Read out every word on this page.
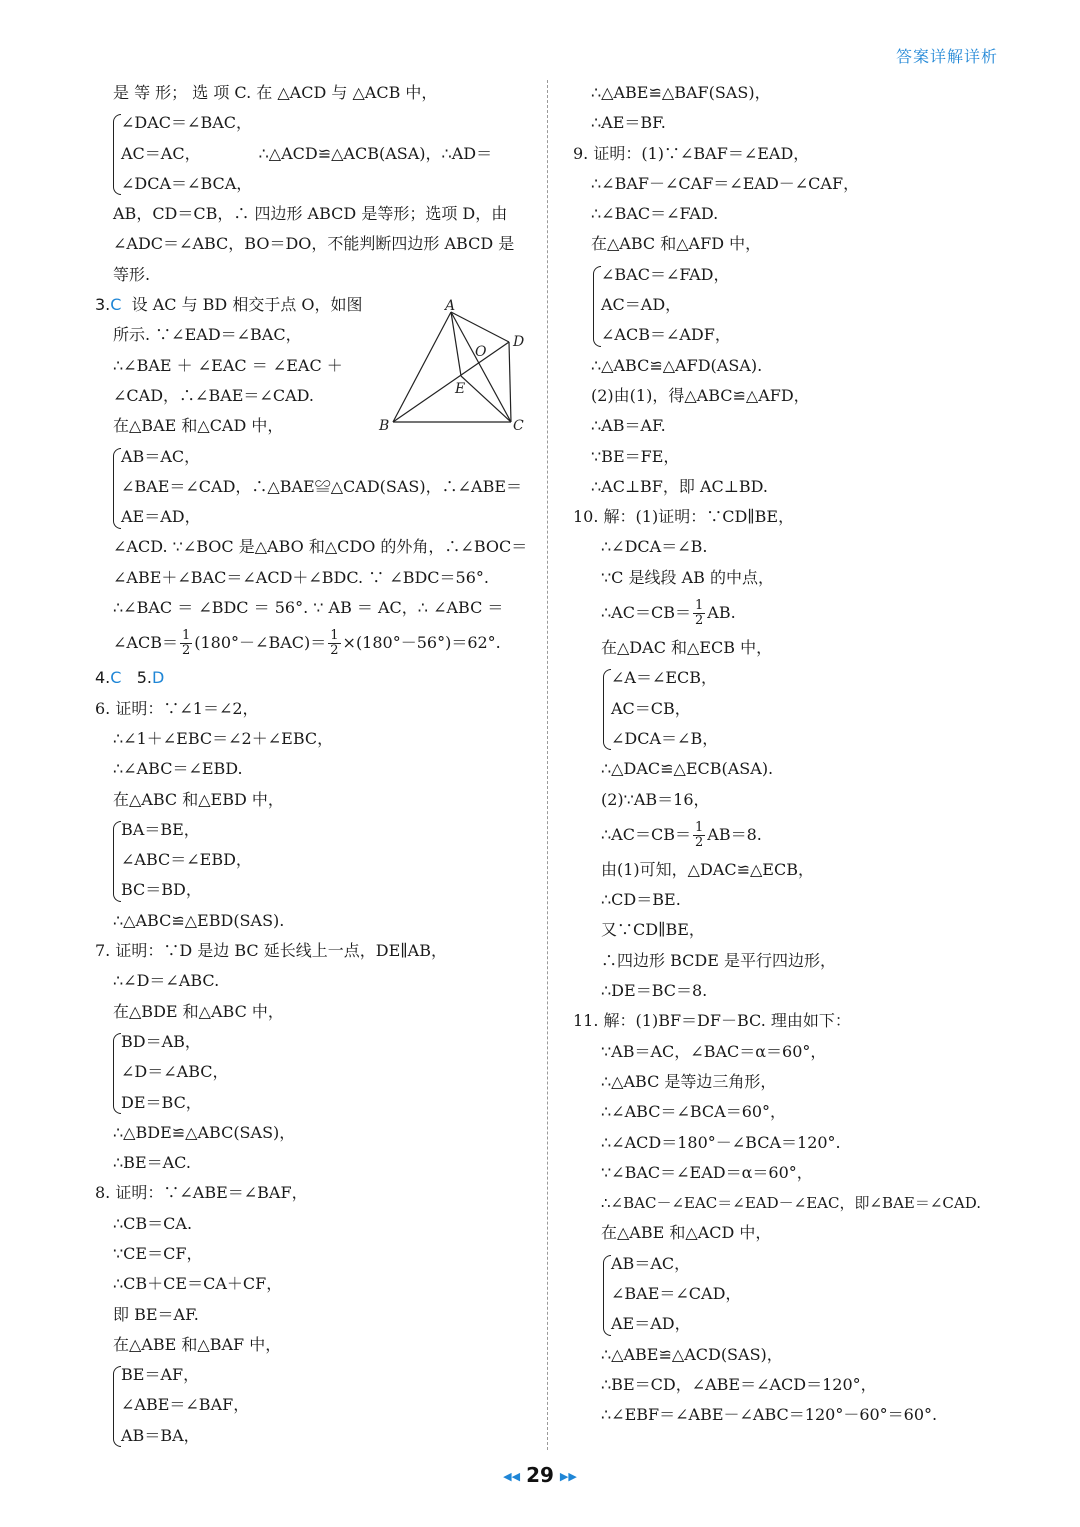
答案详解详析
是 等 形； 选 项 C. 在 △ACD 与 △ACB 中，
∠DAC＝∠BAC，
AC＝AC，	∴△ACD≌△ACB(ASA)，∴AD＝
∠DCA＝∠BCA，
AB，CD＝CB，∴ 四边形 ABCD 是等形；选项 D，由
∠ADC＝∠ABC，BO＝DO，不能判断四边形 ABCD 是
等形.
3.C 设 AC 与 BD 相交于点 O，如图
所示. ∵∠EAD＝∠BAC，
∴∠BAE ＋ ∠EAC ＝ ∠EAC ＋
∠CAD，∴∠BAE＝∠CAD.
在△BAE 和△CAD 中，
AB＝AC，
∠BAE＝∠CAD，∴△BAE≌△CAD(SAS)，∴∠ABE＝
AE＝AD，
∠ACD. ∵∠BOC 是△ABO 和△CDO 的外角，∴∠BOC＝
∠ABE＋∠BAC＝∠ACD＋∠BDC. ∵ ∠BDC＝56°.
∴∠BAC ＝ ∠BDC ＝ 56°. ∵ AB ＝ AC，∴ ∠ABC ＝
∠ACB＝ $\frac{1}{2}$ (180°－∠BAC)＝ $\frac{1}{2} \times(180^\circ-56^\circ)=62^\circ$.
4.C 5.D
6. 证明：∵∠1＝∠2，
∴∠1＋∠EBC＝∠2＋∠EBC，
∴∠ABC＝∠EBD.
在△ABC 和△EBD 中，
BA＝BE，
∠ABC＝∠EBD，
BC＝BD，
∴△ABC≌△EBD(SAS).
7. 证明：∵D 是边 BC 延长线上一点，DE∥AB，
∴∠D＝∠ABC.
在△BDE 和△ABC 中，
BD＝AB，
∠D＝∠ABC，
DE＝BC，
∴△BDE≌△ABC(SAS)，
∴BE＝AC.
8. 证明：∵∠ABE＝∠BAF，
∴CB＝CA.
∵CE＝CF，
∴CB＋CE＝CA＋CF，
即 BE＝AF.
在△ABE 和△BAF 中，
BE＝AF，
∠ABE＝∠BAF，
AB＝BA，
A
D
O
E
B	C
∴△ABE≌△BAF(SAS)，
∴AE＝BF.
9. 证明：(1)∵∠BAF＝∠EAD，
∴∠BAF－∠CAF＝∠EAD－∠CAF，
∴∠BAC＝∠FAD.
在△ABC 和△AFD 中，
∠BAC＝∠FAD，
AC＝AD，
∠ACB＝∠ADF，
∴△ABC≌△AFD(ASA).
(2)由(1)，得△ABC≌△AFD，
∴AB＝AF.
∵BE＝FE，
∴AC⊥BF，即 AC⊥BD.
10. 解：(1)证明：∵CD∥BE，
∴∠DCA＝∠B.
∵C 是线段 AB 的中点，
∴AC＝CB＝ $\frac{1}{2}$ AB.
在△DAC 和△ECB 中，
∠A＝∠ECB，
AC＝CB，
∠DCA＝∠B，
∴△DAC≌△ECB(ASA).
(2)∵AB＝16，
∴AC＝CB＝ $\frac{1}{2} AB=8$.
由(1)可知，△DAC≌△ECB，
∴CD＝BE.
又∵CD∥BE，
∴四边形 BCDE 是平行四边形，
∴DE＝BC＝8.
11. 解：(1)BF＝DF－BC. 理由如下：
∵AB＝AC，∠BAC＝α＝60°，
∴△ABC 是等边三角形，
∴∠ABC＝∠BCA＝60°，
∴∠ACD＝180°－∠BCA＝120°.
∵∠BAC＝∠EAD＝α＝60°，
∴∠BAC－∠EAC＝∠EAD－∠EAC，即∠BAE＝∠CAD.
在△ABE 和△ACD 中，
AB＝AC，
∠BAE＝∠CAD，
AE＝AD，
∴△ABE≌△ACD(SAS)，
∴BE＝CD，∠ABE＝∠ACD＝120°，
∴∠EBF＝∠ABE－∠ABC＝120°－60°＝60°.
◀◀ 29 ▶▶
